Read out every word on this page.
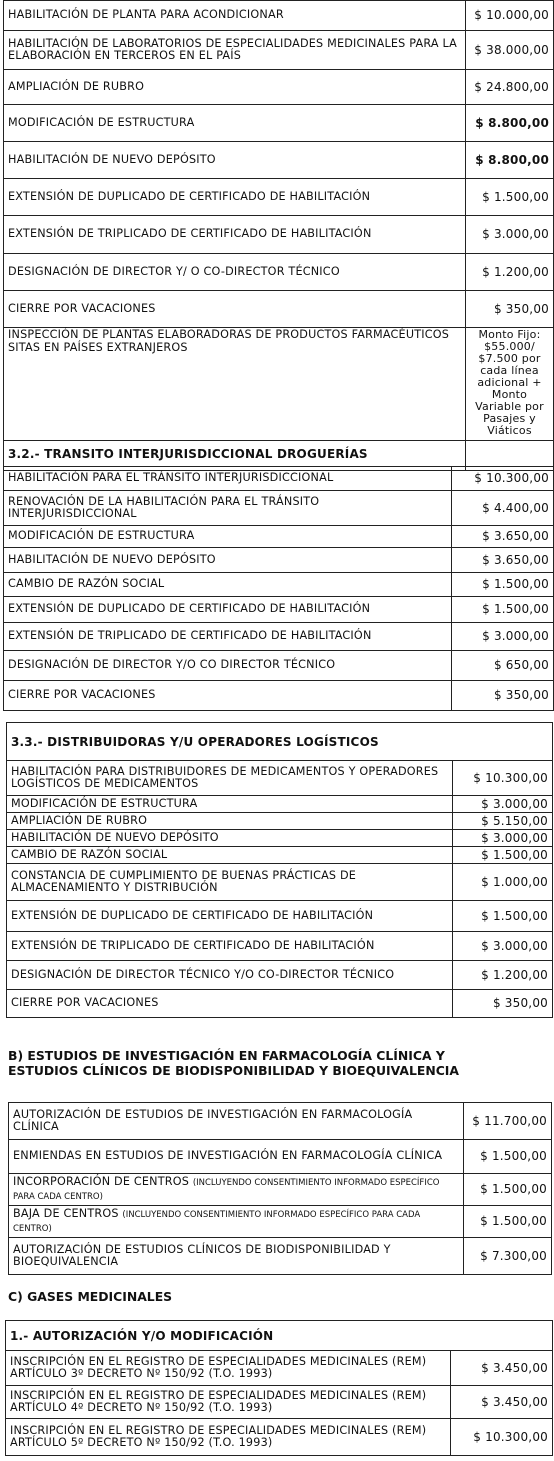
HABILITACIÓN DE PLANTA PARA ACONDICIONAR	$ 10.000,00
HABILITACIÓN DE LABORATORIOS DE ESPECIALIDADES MEDICINALES PARA LA ELABORACIÓN EN TERCEROS EN EL PAÍS	$ 38.000,00
AMPLIACIÓN DE RUBRO	$ 24.800,00
MODIFICACIÓN DE ESTRUCTURA	$ 8.800,00
HABILITACIÓN DE NUEVO DEPÓSITO	$ 8.800,00
EXTENSIÓN DE DUPLICADO DE CERTIFICADO DE HABILITACIÓN	$ 1.500,00
EXTENSIÓN DE TRIPLICADO DE CERTIFICADO DE HABILITACIÓN	$ 3.000,00
DESIGNACIÓN DE DIRECTOR Y/ O CO-DIRECTOR TÉCNICO	$ 1.200,00
CIERRE POR VACACIONES	$ 350,00
INSPECCIÓN DE PLANTAS ELABORADORAS DE PRODUCTOS FARMACÉUTICOS SITAS EN PAÍSES EXTRANJEROS	Monto Fijo: $55.000/ $7.500 por cada línea adicional + Monto Variable por Pasajes y Viáticos
3.2.- TRANSITO INTERJURISDICCIONAL DROGUERÍAS	
HABILITACIÓN PARA EL TRÁNSITO INTERJURISDICCIONAL	$ 10.300,00
RENOVACIÓN DE LA HABILITACIÓN PARA EL TRÁNSITO INTERJURISDICCIONAL	$ 4.400,00
MODIFICACIÓN DE ESTRUCTURA	$ 3.650,00
HABILITACIÓN DE NUEVO DEPÓSITO	$ 3.650,00
CAMBIO DE RAZÓN SOCIAL	$ 1.500,00
EXTENSIÓN DE DUPLICADO DE CERTIFICADO DE HABILITACIÓN	$ 1.500,00
EXTENSIÓN DE TRIPLICADO DE CERTIFICADO DE HABILITACIÓN	$ 3.000,00
DESIGNACIÓN DE DIRECTOR Y/O CO DIRECTOR TÉCNICO	$ 650,00
CIERRE POR VACACIONES	$ 350,00
3.3.- DISTRIBUIDORAS Y/U OPERADORES LOGÍSTICOS	
HABILITACIÓN PARA DISTRIBUIDORES DE MEDICAMENTOS Y OPERADORES LOGÍSTICOS DE MEDICAMENTOS	$ 10.300,00
MODIFICACIÓN DE ESTRUCTURA	$ 3.000,00
AMPLIACIÓN DE RUBRO	$ 5.150,00
HABILITACIÓN DE NUEVO DEPÓSITO	$ 3.000,00
CAMBIO DE RAZÓN SOCIAL	$ 1.500,00
CONSTANCIA DE CUMPLIMIENTO DE BUENAS PRÁCTICAS DE ALMACENAMIENTO Y DISTRIBUCIÓN	$ 1.000,00
EXTENSIÓN DE DUPLICADO DE CERTIFICADO DE HABILITACIÓN	$ 1.500,00
EXTENSIÓN DE TRIPLICADO DE CERTIFICADO DE HABILITACIÓN	$ 3.000,00
DESIGNACIÓN DE DIRECTOR TÉCNICO Y/O CO-DIRECTOR TÉCNICO	$ 1.200,00
CIERRE POR VACACIONES	$ 350,00
B) ESTUDIOS DE INVESTIGACIÓN EN FARMACOLOGÍA CLÍNICA Y
ESTUDIOS CLÍNICOS DE BIODISPONIBILIDAD Y BIOEQUIVALENCIA
AUTORIZACIÓN DE ESTUDIOS DE INVESTIGACIÓN EN FARMACOLOGÍA CLÍNICA	$ 11.700,00
ENMIENDAS EN ESTUDIOS DE INVESTIGACIÓN EN FARMACOLOGÍA CLÍNICA	$ 1.500,00
INCORPORACIÓN DE CENTROS (INCLUYENDO CONSENTIMIENTO INFORMADO ESPECÍFICO PARA CADA CENTRO)	$ 1.500,00
BAJA DE CENTROS (INCLUYENDO CONSENTIMIENTO INFORMADO ESPECÍFICO PARA CADA CENTRO)	$ 1.500,00
AUTORIZACIÓN DE ESTUDIOS CLÍNICOS DE BIODISPONIBILIDAD Y BIOEQUIVALENCIA	$ 7.300,00
C) GASES MEDICINALES
1.- AUTORIZACIÓN Y/O MODIFICACIÓN	
INSCRIPCIÓN EN EL REGISTRO DE ESPECIALIDADES MEDICINALES (REM) ARTÍCULO 3º DECRETO Nº 150/92 (T.O. 1993)	$ 3.450,00
INSCRIPCIÓN EN EL REGISTRO DE ESPECIALIDADES MEDICINALES (REM) ARTÍCULO 4º DECRETO Nº 150/92 (T.O. 1993)	$ 3.450,00
INSCRIPCIÓN EN EL REGISTRO DE ESPECIALIDADES MEDICINALES (REM) ARTÍCULO 5º DECRETO Nº 150/92 (T.O. 1993)	$ 10.300,00
